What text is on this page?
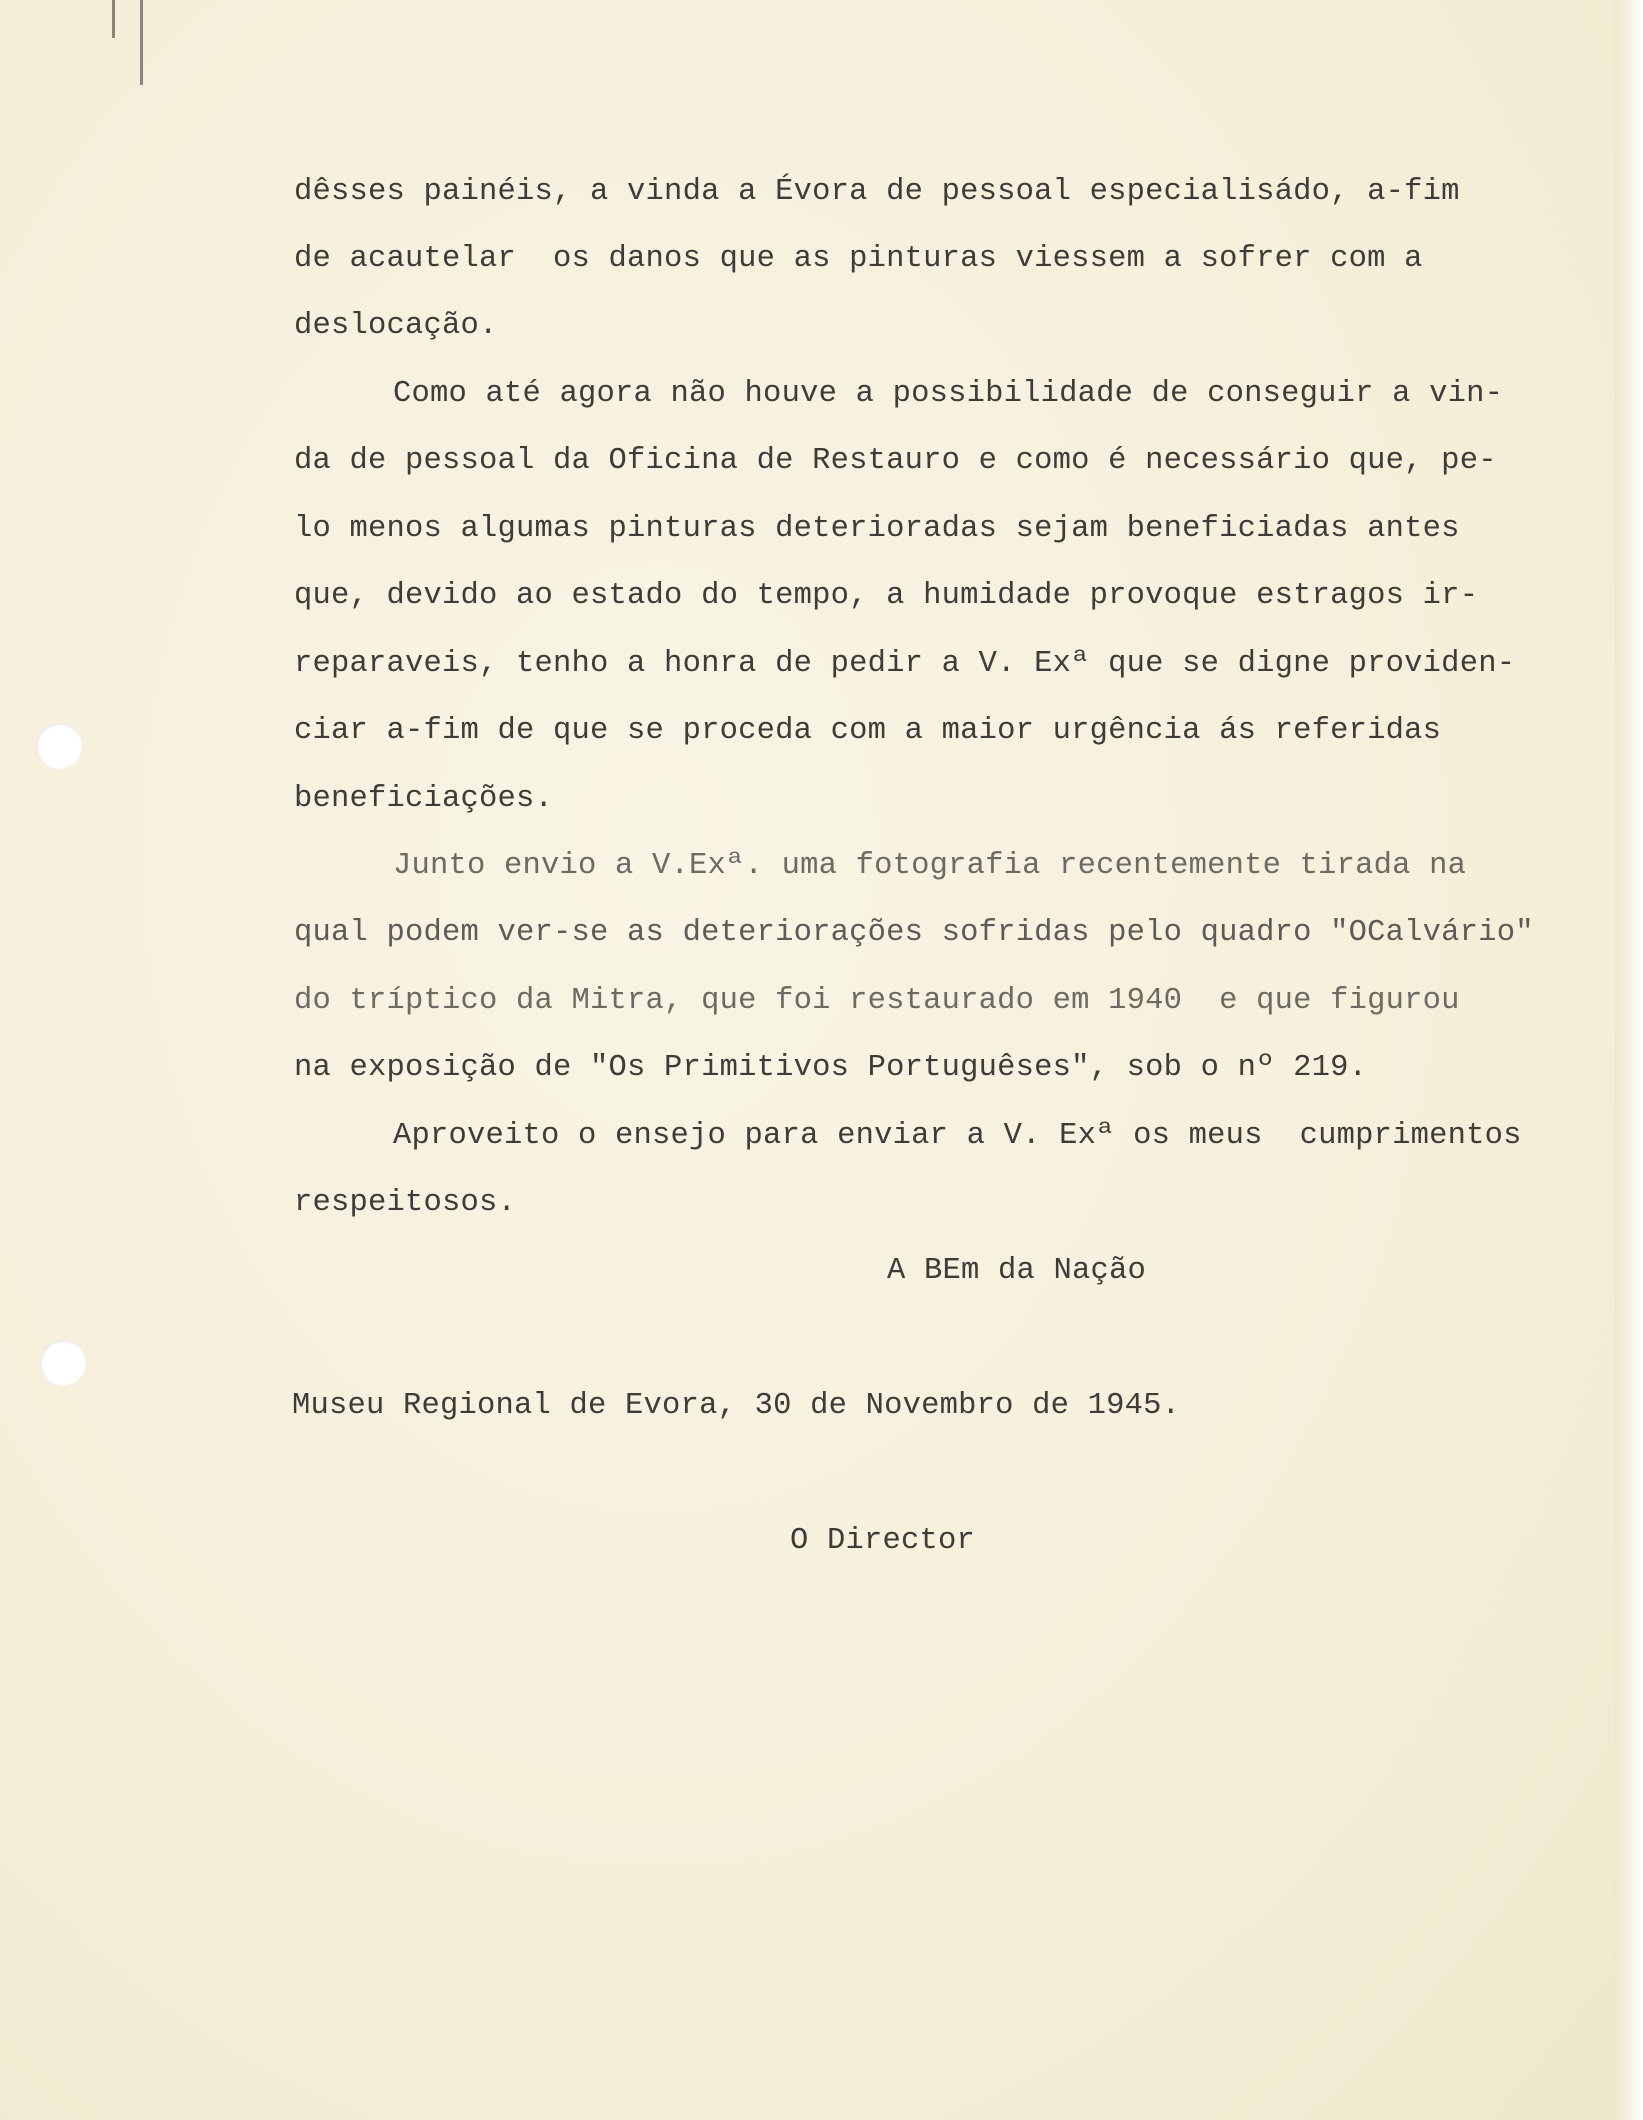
dêsses painéis, a vinda a Évora de pessoal especialisádo, a-fim

de acautelar  os danos que as pinturas viessem a sofrer com a

deslocação.

Como até agora não houve a possibilidade de conseguir a vin-

da de pessoal da Oficina de Restauro e como é necessário que, pe-

lo menos algumas pinturas deterioradas sejam beneficiadas antes

que, devido ao estado do tempo, a humidade provoque estragos ir-

reparaveis, tenho a honra de pedir a V. Exª que se digne providen-

ciar a-fim de que se proceda com a maior urgência ás referidas

beneficiações.

Junto envio a V.Exª. uma fotografia recentemente tirada na

qual podem ver-se as deteriorações sofridas pelo quadro "OCalvário"

do tríptico da Mitra, que foi restaurado em 1940  e que figurou

na exposição de "Os Primitivos Portuguêses", sob o nº 219.

Aproveito o ensejo para enviar a V. Exª os meus  cumprimentos

respeitosos.

A BEm da Nação

Museu Regional de Evora, 30 de Novembro de 1945.

O Director
